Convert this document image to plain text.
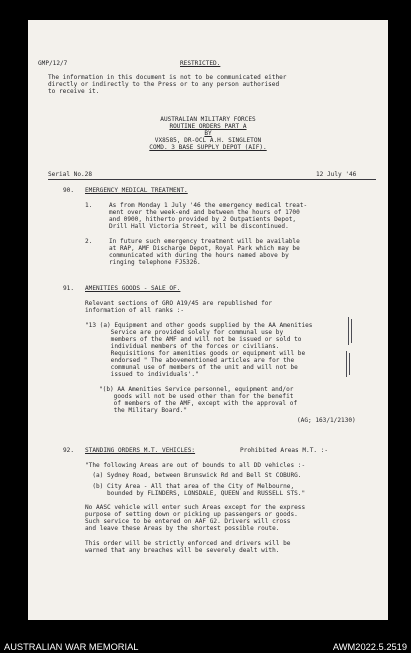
GMP/12/7	RESTRICTED.
The information in this document is not to be communicated either
directly or indirectly to the Press or to any person authorised
to receive it.
AUSTRALIAN MILITARY FORCES
ROUTINE ORDERS PART A
BY
VX8585, DR-OCL A.H. SINGLETON
COMD. 3 BASE SUPPLY DEPOT (AIF).
Serial No.28	12 July '46
90. EMERGENCY MEDICAL TREATMENT.
1.	As from Monday 1 July '46 the emergency medical treat-
ment over the week-end and between the hours of 1700
and 0900, hitherto provided by 2 Outpatients Depot,
Drill Hall Victoria Street, will be discontinued.
2.	In future such emergency treatment will be available
at RAP, AMF Discharge Depot, Royal Park which may be
communicated with during the hours named above by
ringing telephone FJ5326.
91. AMENITIES GOODS - SALE OF.
Relevant sections of GRO A19/45 are republished for
information of all ranks :-
"13 (a) Equipment and other goods supplied by the AA Amenities
Service are provided solely for communal use by
members of the AMF and will not be issued or sold to
individual members of the forces or civilians.
Requisitions for amenities goods or equipment will be
endorsed " The abovementioned articles are for the
communal use of members of the unit and will not be
issued to individuals'."
"(b) AA Amenities Service personnel, equipment and/or
goods will not be used other than for the benefit
of members of the AMF, except with the approval of
the Military Board."
(AG; 163/1/2130)
92. STANDING ORDERS M.T. VEHICLES:	Prohibited Areas M.T. :-
"The following Areas are out of bounds to all DD vehicles :-
(a) Sydney Road, between Brunswick Rd and Bell St COBURG.
(b) City Area - All that area of the City of Melbourne,
bounded by FLINDERS, LONSDALE, QUEEN and RUSSELL STS."
No AASC vehicle will enter such Areas except for the express
purpose of setting down or picking up passengers or goods.
Such service to be entered on AAF G2. Drivers will cross
and leave these Areas by the shortest possible route.
This order will be strictly enforced and drivers will be
warned that any breaches will be severely dealt with.
AUSTRALIAN WAR MEMORIAL	AWM2022.5.2519
